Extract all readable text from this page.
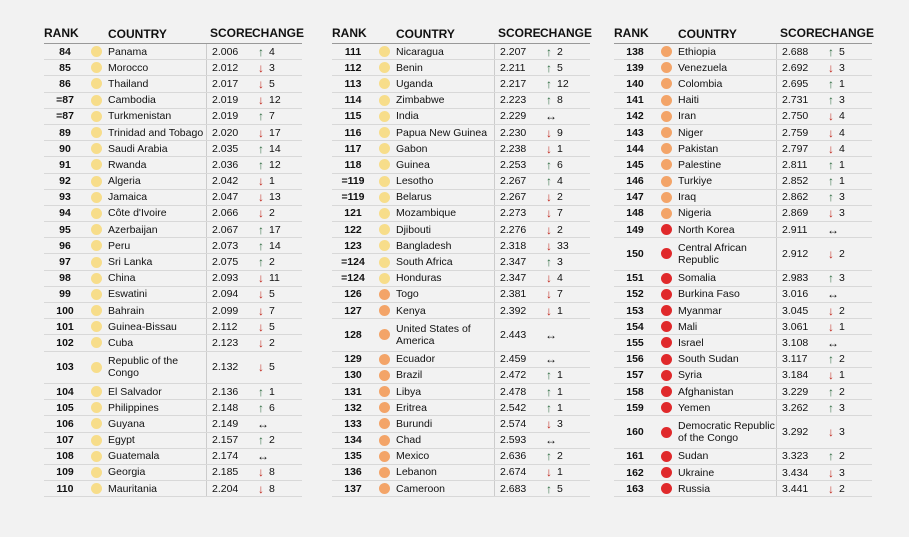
RANK	COUNTRY	SCORE CHANGE
84	Panama	2.006	↑ 4
85	Morocco	2.012	↓ 3
86	Thailand	2.017	↓ 5
=87	Cambodia	2.019	↓ 12
=87	Turkmenistan	2.019	↑ 7
89	Trinidad and Tobago 2.020	↓ 17
90	Saudi Arabia	2.035	↑ 14
91	Rwanda	2.036	↑ 12
92	Algeria	2.042	↓ 1
93	Jamaica	2.047	↓ 13
94	Côte d'Ivoire	2.066	↓ 2
95	Azerbaijan	2.067	↑ 17
96	Peru	2.073	↑ 14
97	Sri Lanka	2.075	↑ 2
98	China	2.093	↓ 11
99	Eswatini	2.094	↓ 5
100	Bahrain	2.099	↓ 7
101	Guinea-Bissau	2.112	↓ 5
102	Cuba	2.123	↓ 2
103	Republic of the Congo	2.132	↓ 5
104	El Salvador	2.136	↑ 1
105	Philippines	2.148	↑ 6
106	Guyana	2.149	↔
107	Egypt	2.157	↑ 2
108	Guatemala	2.174	↔
109	Georgia	2.185	↓ 8
110	Mauritania	2.204	↓ 8
RANK	COUNTRY	SCORE CHANGE
111	Nicaragua	2.207	↑ 2
112	Benin	2.211	↑ 5
113	Uganda	2.217	↑ 12
114	Zimbabwe	2.223	↑ 8
115	India	2.229	↔
116	Papua New Guinea	2.230	↓ 9
117	Gabon	2.238	↓ 1
118	Guinea	2.253	↑ 6
=119	Lesotho	2.267	↑ 4
=119	Belarus	2.267	↓ 2
121	Mozambique	2.273	↓ 7
122	Djibouti	2.276	↓ 2
123	Bangladesh	2.318	↓ 33
=124	South Africa	2.347	↑ 3
=124	Honduras	2.347	↓ 4
126	Togo	2.381	↓ 7
127	Kenya	2.392	↓ 1
128	United States of America	2.443	↔
129	Ecuador	2.459	↔
130	Brazil	2.472	↑ 1
131	Libya	2.478	↑ 1
132	Eritrea	2.542	↑ 1
133	Burundi	2.574	↓ 3
134	Chad	2.593	↔
135	Mexico	2.636	↑ 2
136	Lebanon	2.674	↓ 1
137	Cameroon	2.683	↑ 5
RANK	COUNTRY	SCORE CHANGE
138	Ethiopia	2.688	↑ 5
139	Venezuela	2.692	↓ 3
140	Colombia	2.695	↑ 1
141	Haiti	2.731	↑ 3
142	Iran	2.750	↓ 4
143	Niger	2.759	↓ 4
144	Pakistan	2.797	↓ 4
145	Palestine	2.811	↑ 1
146	Turkiye	2.852	↑ 1
147	Iraq	2.862	↑ 3
148	Nigeria	2.869	↓ 3
149	North Korea	2.911	↔
150	Central African Republic	2.912	↓ 2
151	Somalia	2.983	↑ 3
152	Burkina Faso	3.016	↔
153	Myanmar	3.045	↓ 2
154	Mali	3.061	↓ 1
155	Israel	3.108	↔
156	South Sudan	3.117	↑ 2
157	Syria	3.184	↓ 1
158	Afghanistan	3.229	↑ 2
159	Yemen	3.262	↑ 3
160	Democratic Republic of the Congo	3.292	↓ 3
161	Sudan	3.323	↑ 2
162	Ukraine	3.434	↓ 3
163	Russia	3.441	↓ 2
